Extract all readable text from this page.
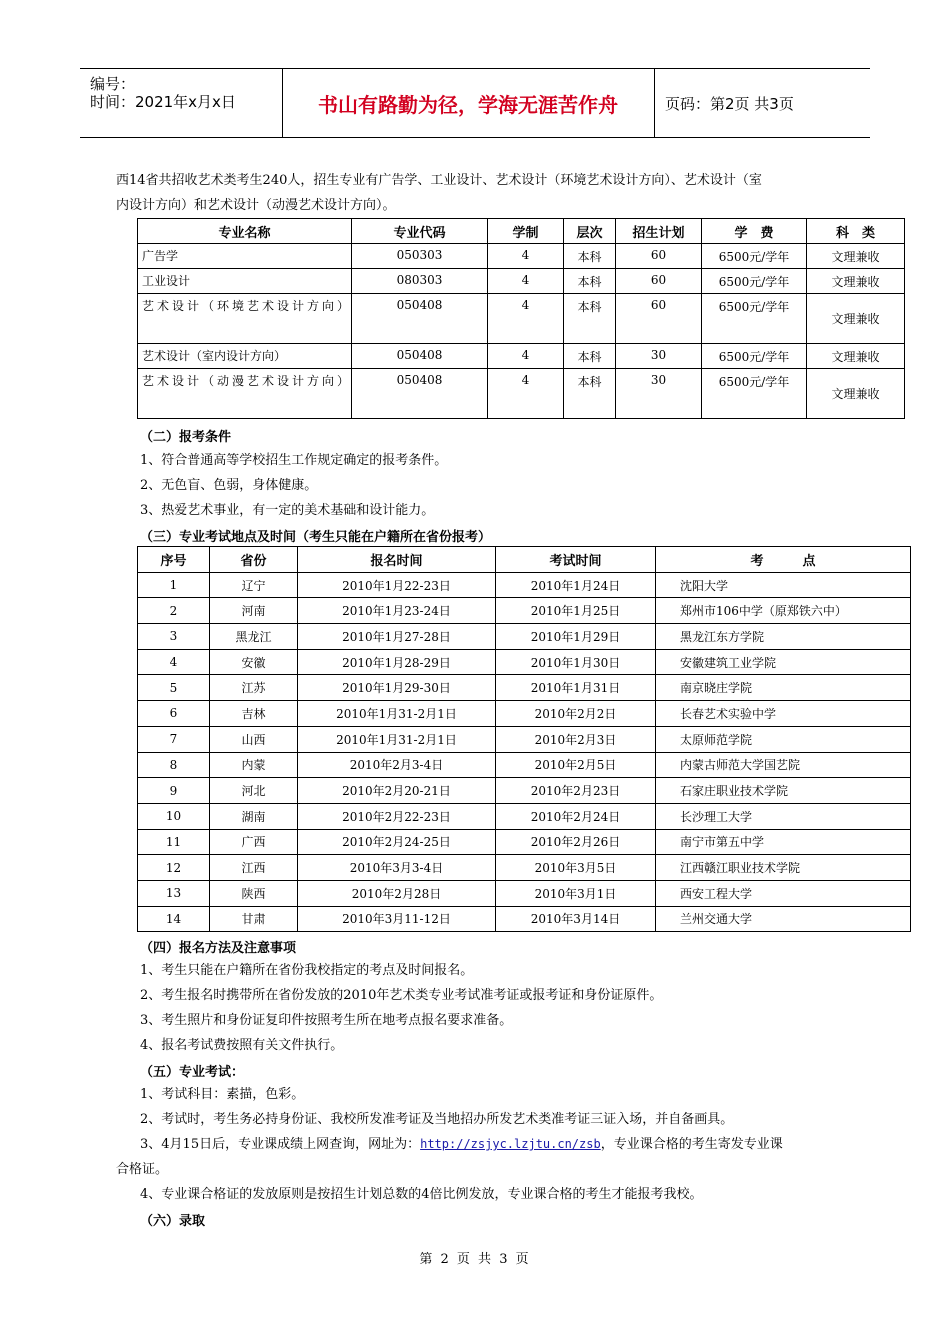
编号：
时间：2021年x月x日	书山有路勤为径，学海无涯苦作舟	页码：第2页 共3页
西14省共招收艺术类考生240人，招生专业有广告学、工业设计、艺术设计（环境艺术设计方向）、艺术设计（室
内设计方向）和艺术设计（动漫艺术设计方向）。
专业名称	专业代码	学制	层次	招生计划	学　费	科　类
广告学	050303	4	本科	60	6500元/学年	文理兼收
工业设计	080303	4	本科	60	6500元/学年	文理兼收
艺术设计（环境艺术设计方向）	050408	4	本科	60	6500元/学年	文理兼收
艺术设计（室内设计方向）	050408	4	本科	30	6500元/学年	文理兼收
艺术设计（动漫艺术设计方向）	050408	4	本科	30	6500元/学年	文理兼收
（二）报考条件
1、符合普通高等学校招生工作规定确定的报考条件。
2、无色盲、色弱，身体健康。
3、热爱艺术事业，有一定的美术基础和设计能力。
（三）专业考试地点及时间（考生只能在户籍所在省份报考）
序号	省份	报名时间	考试时间	考　　　点
1	辽宁	2010年1月22-23日	2010年1月24日	沈阳大学
2	河南	2010年1月23-24日	2010年1月25日	郑州市106中学（原郑铁六中）
3	黑龙江	2010年1月27-28日	2010年1月29日	黑龙江东方学院
4	安徽	2010年1月28-29日	2010年1月30日	安徽建筑工业学院
5	江苏	2010年1月29-30日	2010年1月31日	南京晓庄学院
6	吉林	2010年1月31-2月1日	2010年2月2日	长春艺术实验中学
7	山西	2010年1月31-2月1日	2010年2月3日	太原师范学院
8	内蒙	2010年2月3-4日	2010年2月5日	内蒙古师范大学国艺院
9	河北	2010年2月20-21日	2010年2月23日	石家庄职业技术学院
10	湖南	2010年2月22-23日	2010年2月24日	长沙理工大学
11	广西	2010年2月24-25日	2010年2月26日	南宁市第五中学
12	江西	2010年3月3-4日	2010年3月5日	江西赣江职业技术学院
13	陕西	2010年2月28日	2010年3月1日	西安工程大学
14	甘肃	2010年3月11-12日	2010年3月14日	兰州交通大学
（四）报名方法及注意事项
1、考生只能在户籍所在省份我校指定的考点及时间报名。
2、考生报名时携带所在省份发放的2010年艺术类专业考试准考证或报考证和身份证原件。
3、考生照片和身份证复印件按照考生所在地考点报名要求准备。
4、报名考试费按照有关文件执行。
（五）专业考试：
1、考试科目：素描，色彩。
2、考试时，考生务必持身份证、我校所发准考证及当地招办所发艺术类准考证三证入场，并自备画具。
3、4月15日后，专业课成绩上网查询，网址为：http://zsjyc.lzjtu.cn/zsb，专业课合格的考生寄发专业课
合格证。
4、专业课合格证的发放原则是按招生计划总数的4倍比例发放，专业课合格的考生才能报考我校。
（六）录取
第 2 页 共 3 页
